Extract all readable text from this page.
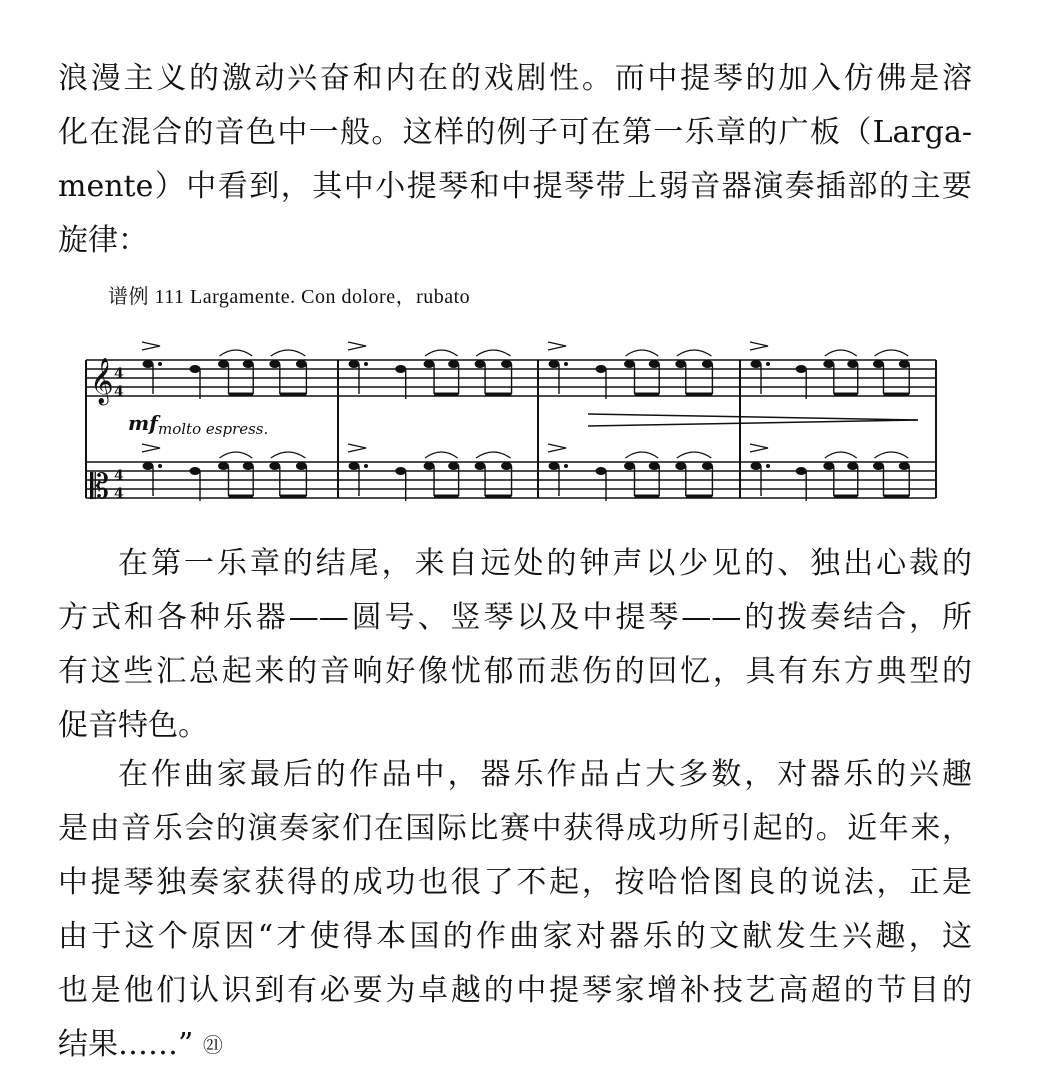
浪漫主义的激动兴奋和内在的戏剧性。而中提琴的加入仿佛是溶
化在混合的音色中一般。这样的例子可在第一乐章的广板（Larga-
mente）中看到，其中小提琴和中提琴带上弱音器演奏插部的主要
旋律：
谱例 111 Largamente. Con dolore，rubato
𝄞
𝄡
4
4
4
4
mf molto espress.
在第一乐章的结尾，来自远处的钟声以少见的、独出心裁的
方式和各种乐器——圆号、竖琴以及中提琴——的拨奏结合，所
有这些汇总起来的音响好像忧郁而悲伤的回忆，具有东方典型的
促音特色。
在作曲家最后的作品中，器乐作品占大多数，对器乐的兴趣
是由音乐会的演奏家们在国际比赛中获得成功所引起的。近年来，
中提琴独奏家获得的成功也很了不起，按哈恰图良的说法，正是
由于这个原因“才使得本国的作曲家对器乐的文献发生兴趣，这
也是他们认识到有必要为卓越的中提琴家增补技艺高超的节目的
结果……” ㉑
